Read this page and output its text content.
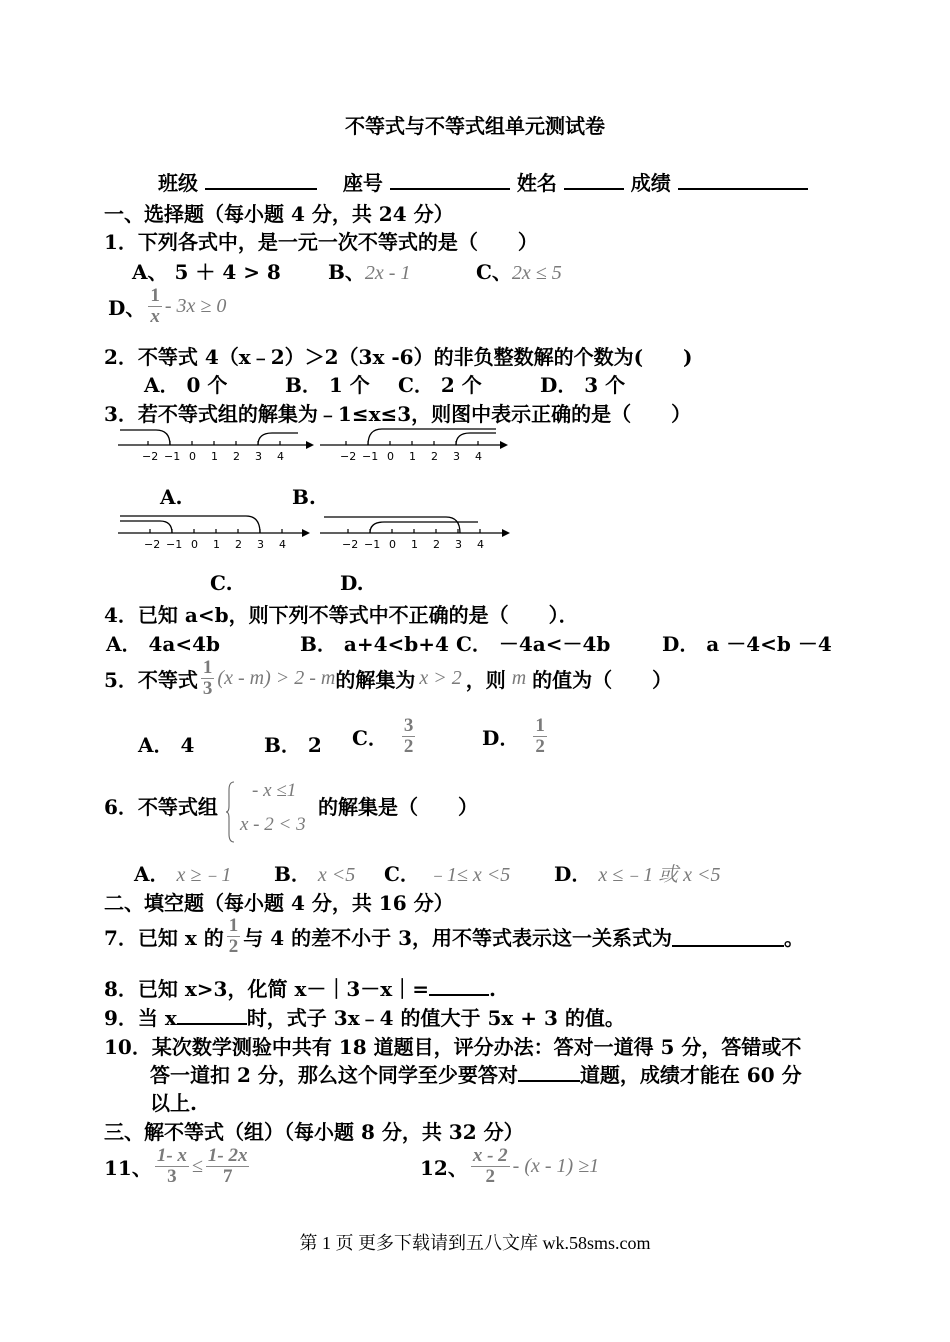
不等式与不等式组单元测试卷
班级	座号	姓名	成绩
一、选择题（每小题 4 分，共 24 分）
1．下列各式中，是一元一次不等式的是（　　）
A、 5 ＋ 4 > 8 B、2x - 1	C、2x ≤ 5
D、 $\frac{1}{x} - 3x \ge 0$
2．不等式 4（x﹣2）＞2（3x -6）的非负整数解的个数为(　　)
A． 0 个	B． 1 个 C． 2 个	D． 3 个
3．若不等式组的解集为﹣1≤x≤3，则图中表示正确的是（　　）
−2 −1 0 1 2 3 4	−2 −1 0 1 2 3 4
A.	B.
−2 −1 0 1 2 3 4	−2 −1 0 1 2 3 4
C.	D.
4．已知 a<b，则下列不等式中不正确的是（　　）．
A． 4a<4b	B． a+4<b+4 C． －4a<－4b	D． a －4<b －4
5．不等式 $\frac{1}{3} (x - m) > 2 - m$的解集为 x > 2 ，则 m 的值为（　　）
A． 4	B． 2 C． $\frac{3}{2}$	D． $\frac{1}{2}$
6．不等式组
- x ≤1
x - 2 < 3
的解集是（　　）
A． x ≥﹣1 B． x <5 C． ﹣1≤ x <5 D． x ≤﹣1 或 x <5
二、填空题（每小题 4 分，共 16 分）
7．已知 x 的 $\frac{1}{2}$ 与 4 的差不小于 3，用不等式表示这一关系式为	。
8．已知 x>3，化简 x－｜3－x｜=	.
9．当 x	时，式子 3x﹣4 的值大于 5x + 3 的值。
10．某次数学测验中共有 18 道题目，评分办法：答对一道得 5 分，答错或不
答一道扣 2 分，那么这个同学至少要答对	道题，成绩才能在 60 分
以上.
三、解不等式（组）（每小题 8 分，共 32 分）
11、 $\frac{1- x}{3} \le \frac{1- 2x}{7}$	12、 $\frac{x - 2}{2} - (x - 1) \ge 1$
第 1 页 更多下载请到五八文库 wk.58sms.com
